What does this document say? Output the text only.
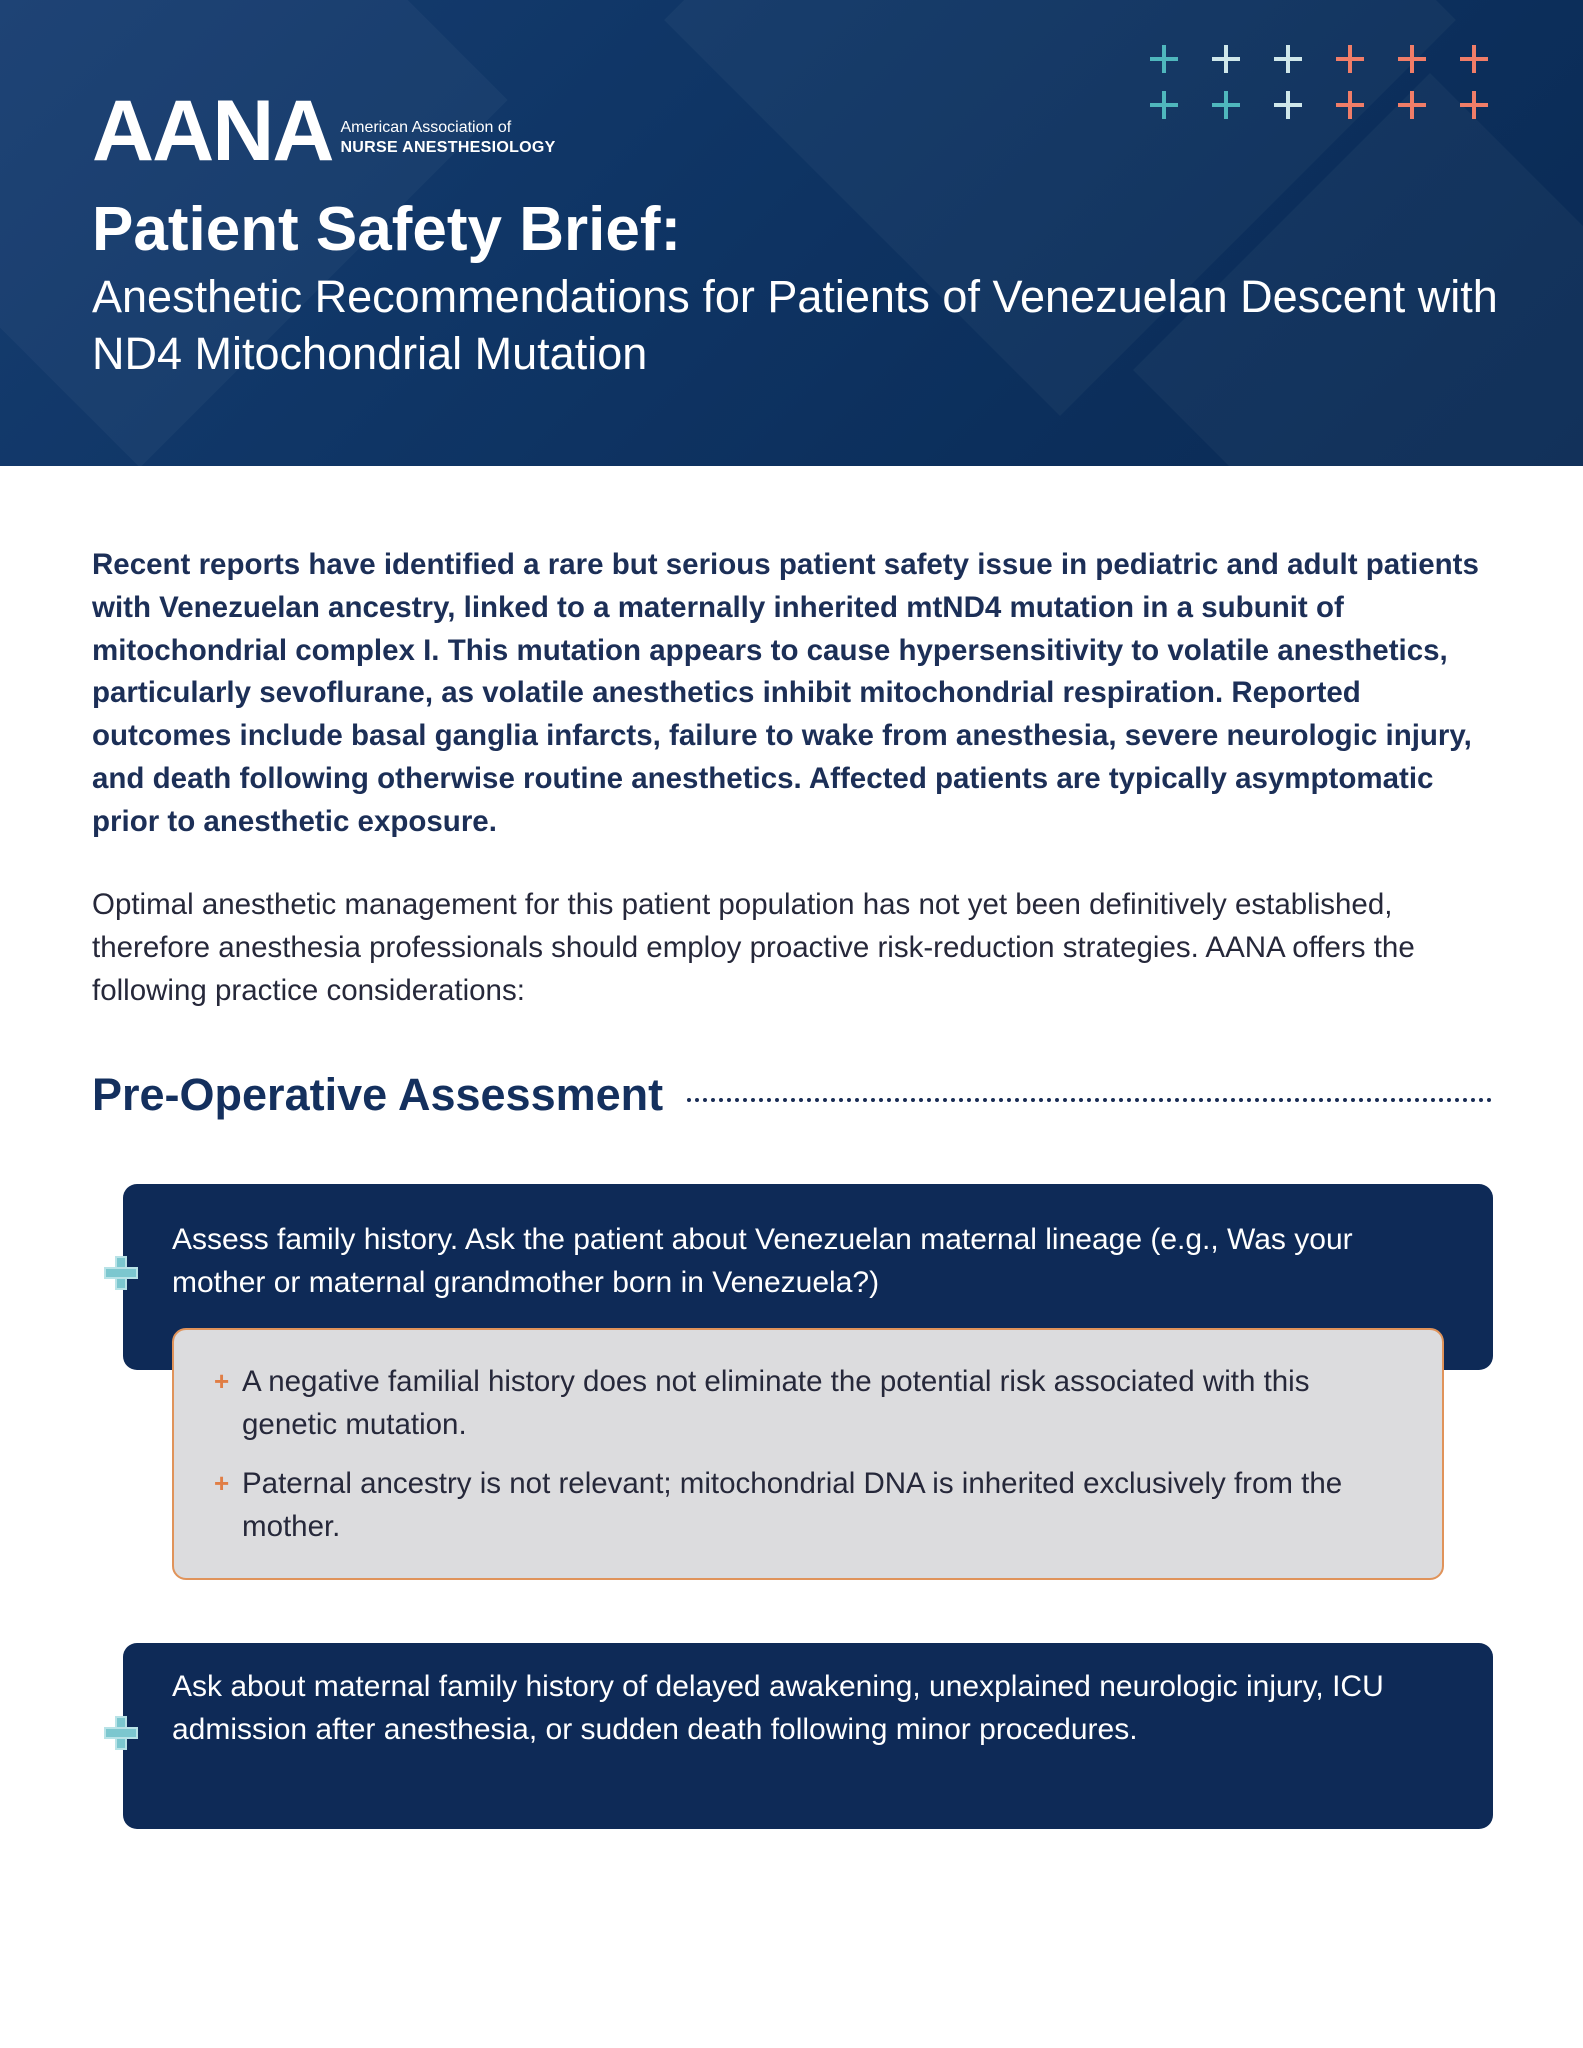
AANA American Association of
NURSE ANESTHESIOLOGY
Patient Safety Brief:

Anesthetic Recommendations for Patients of Venezuelan Descent with ND4 Mitochondrial Mutation

Recent reports have identified a rare but serious patient safety issue in pediatric and adult patients with Venezuelan ancestry, linked to a maternally inherited mtND4 mutation in a subunit of mitochondrial complex I. This mutation appears to cause hypersensitivity to volatile anesthetics, particularly sevoflurane, as volatile anesthetics inhibit mitochondrial respiration. Reported outcomes include basal ganglia infarcts, failure to wake from anesthesia, severe neurologic injury, and death following otherwise routine anesthetics. Affected patients are typically asymptomatic prior to anesthetic exposure.

Optimal anesthetic management for this patient population has not yet been definitively established, therefore anesthesia professionals should employ proactive risk-reduction strategies. AANA offers the following practice considerations:

Pre-Operative Assessment

Assess family history. Ask the patient about Venezuelan maternal lineage (e.g., Was your mother or maternal grandmother born in Venezuela?)

+ A negative familial history does not eliminate the potential risk associated with this genetic mutation.
+ Paternal ancestry is not relevant; mitochondrial DNA is inherited exclusively from the mother.

Ask about maternal family history of delayed awakening, unexplained neurologic injury, ICU admission after anesthesia, or sudden death following minor procedures.
